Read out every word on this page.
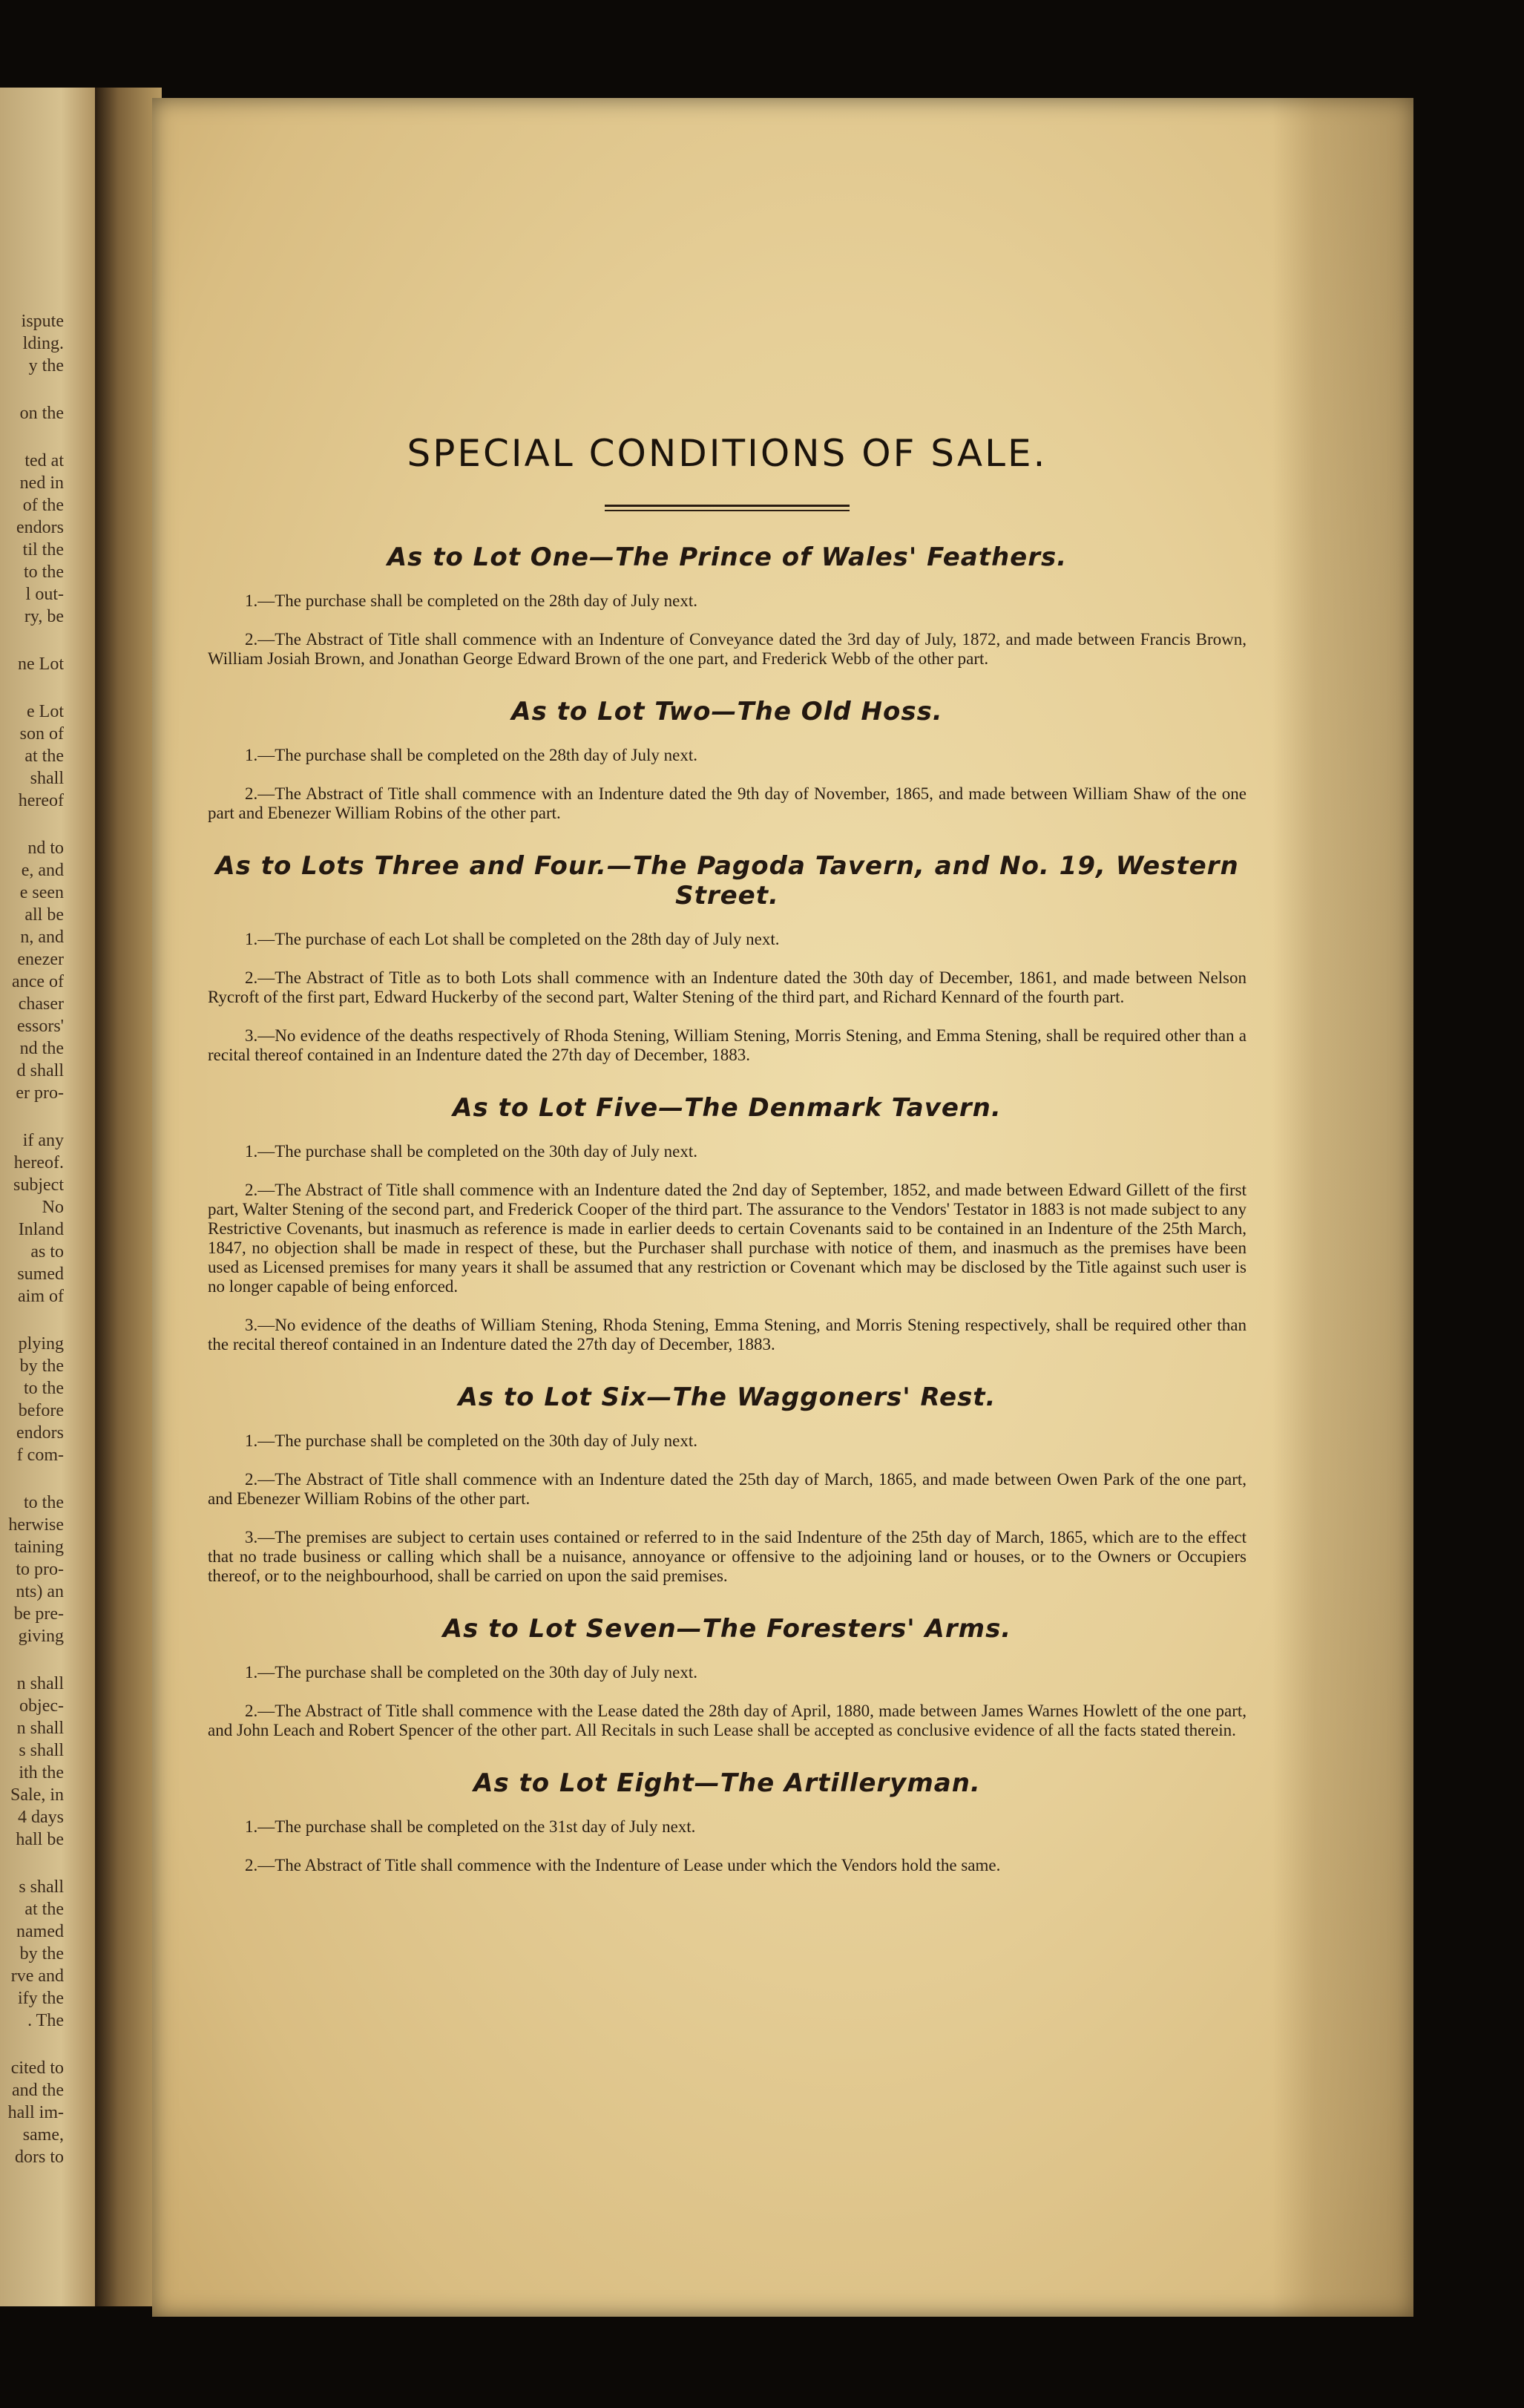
ispute
lding.
y the
on the
ted at
ned in
of the
endors
til the
to the
l out-
ry, be
ne Lot
e Lot
son of
at the
shall
hereof
nd to
e, and
e seen
all be
n, and
enezer
ance of
chaser
essors'
nd the
d shall
er pro-
if any
hereof.
subject
No
Inland
as to
sumed
aim of
plying
by the
to the
before
endors
f com-
to the
herwise
taining
to pro-
nts) an
be pre-
giving
n shall
objec-
n shall
s shall
ith the
Sale, in
4 days
hall be
s shall
at the
named
by the
rve and
ify the
. The
cited to
and the
hall im-
same,
dors to
SPECIAL CONDITIONS OF SALE.
As to Lot One—The Prince of Wales' Feathers.

1.—The purchase shall be completed on the 28th day of July next.

2.—The Abstract of Title shall commence with an Indenture of Conveyance dated the 3rd day of July, 1872, and made between Francis Brown, William Josiah Brown, and Jonathan George Edward Brown of the one part, and Frederick Webb of the other part.

As to Lot Two—The Old Hoss.

1.—The purchase shall be completed on the 28th day of July next.

2.—The Abstract of Title shall commence with an Indenture dated the 9th day of November, 1865, and made between William Shaw of the one part and Ebenezer William Robins of the other part.

As to Lots Three and Four.—The Pagoda Tavern, and No. 19, Western Street.

1.—The purchase of each Lot shall be completed on the 28th day of July next.

2.—The Abstract of Title as to both Lots shall commence with an Indenture dated the 30th day of December, 1861, and made between Nelson Rycroft of the first part, Edward Huckerby of the second part, Walter Stening of the third part, and Richard Kennard of the fourth part.

3.—No evidence of the deaths respectively of Rhoda Stening, William Stening, Morris Stening, and Emma Stening, shall be required other than a recital thereof contained in an Indenture dated the 27th day of December, 1883.

As to Lot Five—The Denmark Tavern.

1.—The purchase shall be completed on the 30th day of July next.

2.—The Abstract of Title shall commence with an Indenture dated the 2nd day of September, 1852, and made between Edward Gillett of the first part, Walter Stening of the second part, and Frederick Cooper of the third part. The assurance to the Vendors' Testator in 1883 is not made subject to any Restrictive Covenants, but inasmuch as reference is made in earlier deeds to certain Covenants said to be contained in an Indenture of the 25th March, 1847, no objection shall be made in respect of these, but the Purchaser shall purchase with notice of them, and inasmuch as the premises have been used as Licensed premises for many years it shall be assumed that any restriction or Covenant which may be disclosed by the Title against such user is no longer capable of being enforced.

3.—No evidence of the deaths of William Stening, Rhoda Stening, Emma Stening, and Morris Stening respectively, shall be required other than the recital thereof contained in an Indenture dated the 27th day of December, 1883.

As to Lot Six—The Waggoners' Rest.

1.—The purchase shall be completed on the 30th day of July next.

2.—The Abstract of Title shall commence with an Indenture dated the 25th day of March, 1865, and made between Owen Park of the one part, and Ebenezer William Robins of the other part.

3.—The premises are subject to certain uses contained or referred to in the said Indenture of the 25th day of March, 1865, which are to the effect that no trade business or calling which shall be a nuisance, annoyance or offensive to the adjoining land or houses, or to the Owners or Occupiers thereof, or to the neighbourhood, shall be carried on upon the said premises.

As to Lot Seven—The Foresters' Arms.

1.—The purchase shall be completed on the 30th day of July next.

2.—The Abstract of Title shall commence with the Lease dated the 28th day of April, 1880, made between James Warnes Howlett of the one part, and John Leach and Robert Spencer of the other part. All Recitals in such Lease shall be accepted as conclusive evidence of all the facts stated therein.

As to Lot Eight—The Artilleryman.

1.—The purchase shall be completed on the 31st day of July next.

2.—The Abstract of Title shall commence with the Indenture of Lease under which the Vendors hold the same.
